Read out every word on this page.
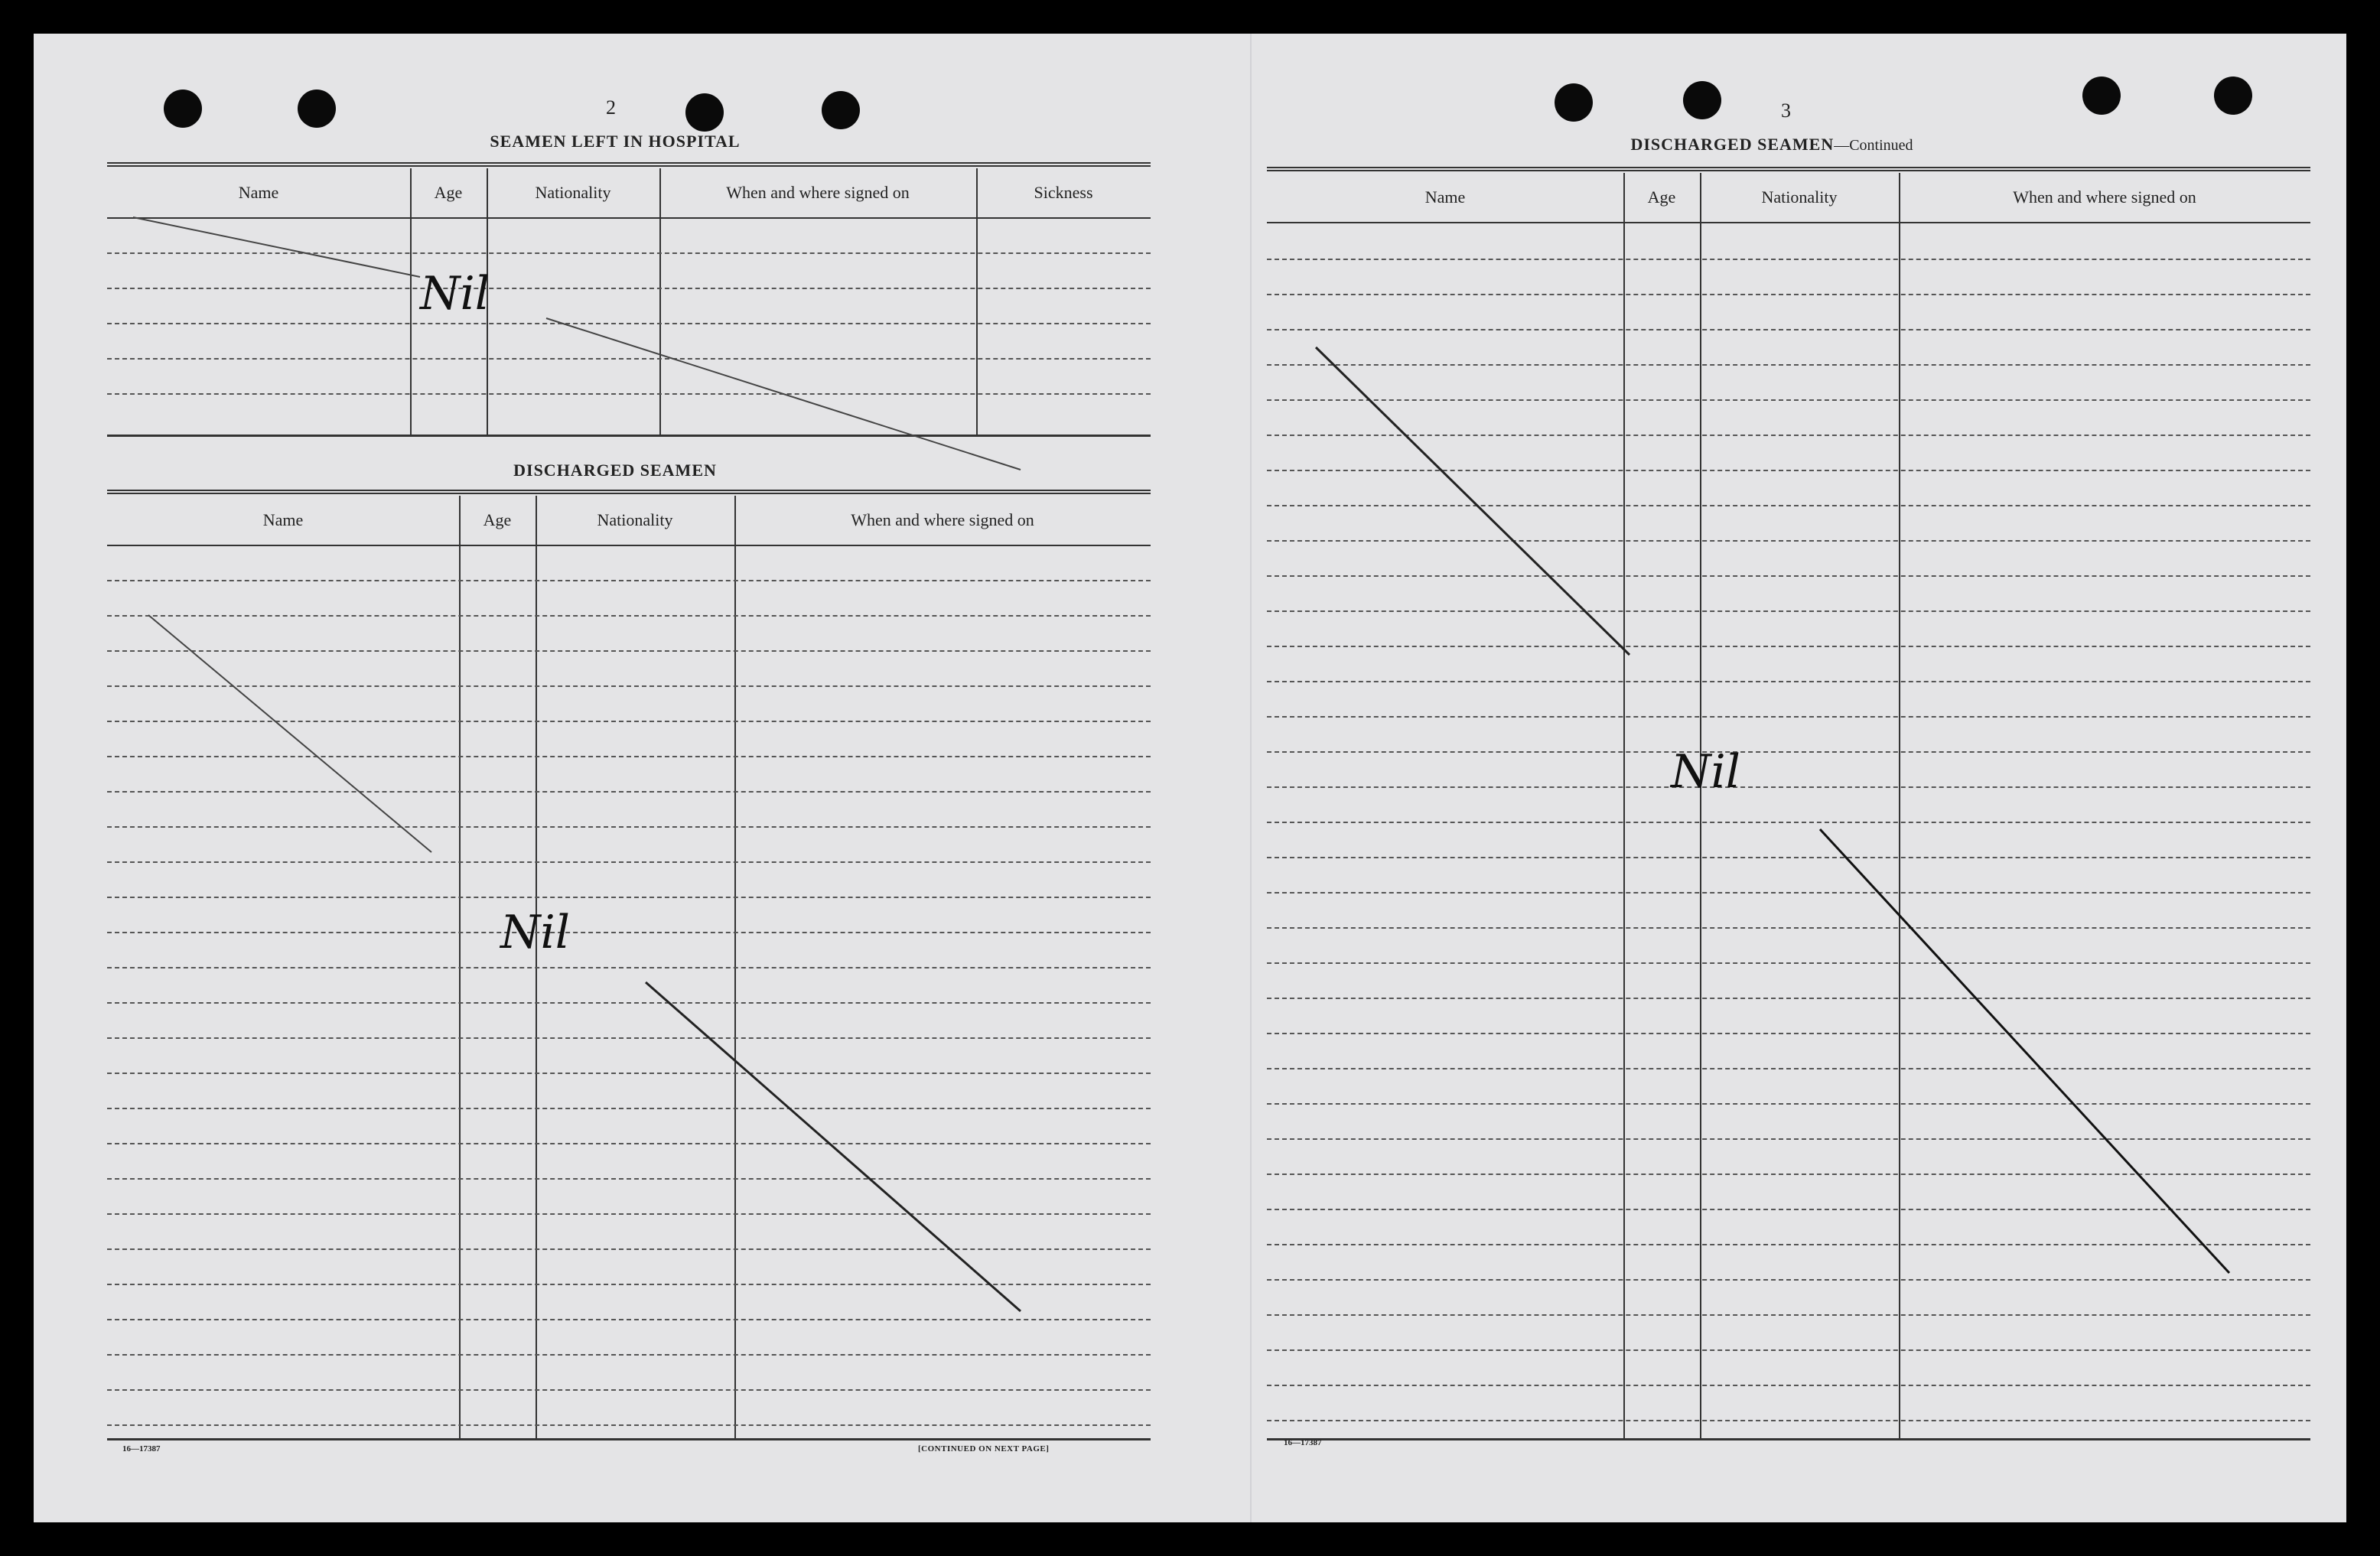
2
SEAMEN LEFT IN HOSPITAL
Name	Age	Nationality	When and where signed on	Sickness
DISCHARGED SEAMEN
Name	Age	Nationality	When and where signed on
16—17387	[CONTINUED ON NEXT PAGE]
3
DISCHARGED SEAMEN—Continued
Name	Age	Nationality	When and where signed on
16—17387
Nil
Nil
Nil
